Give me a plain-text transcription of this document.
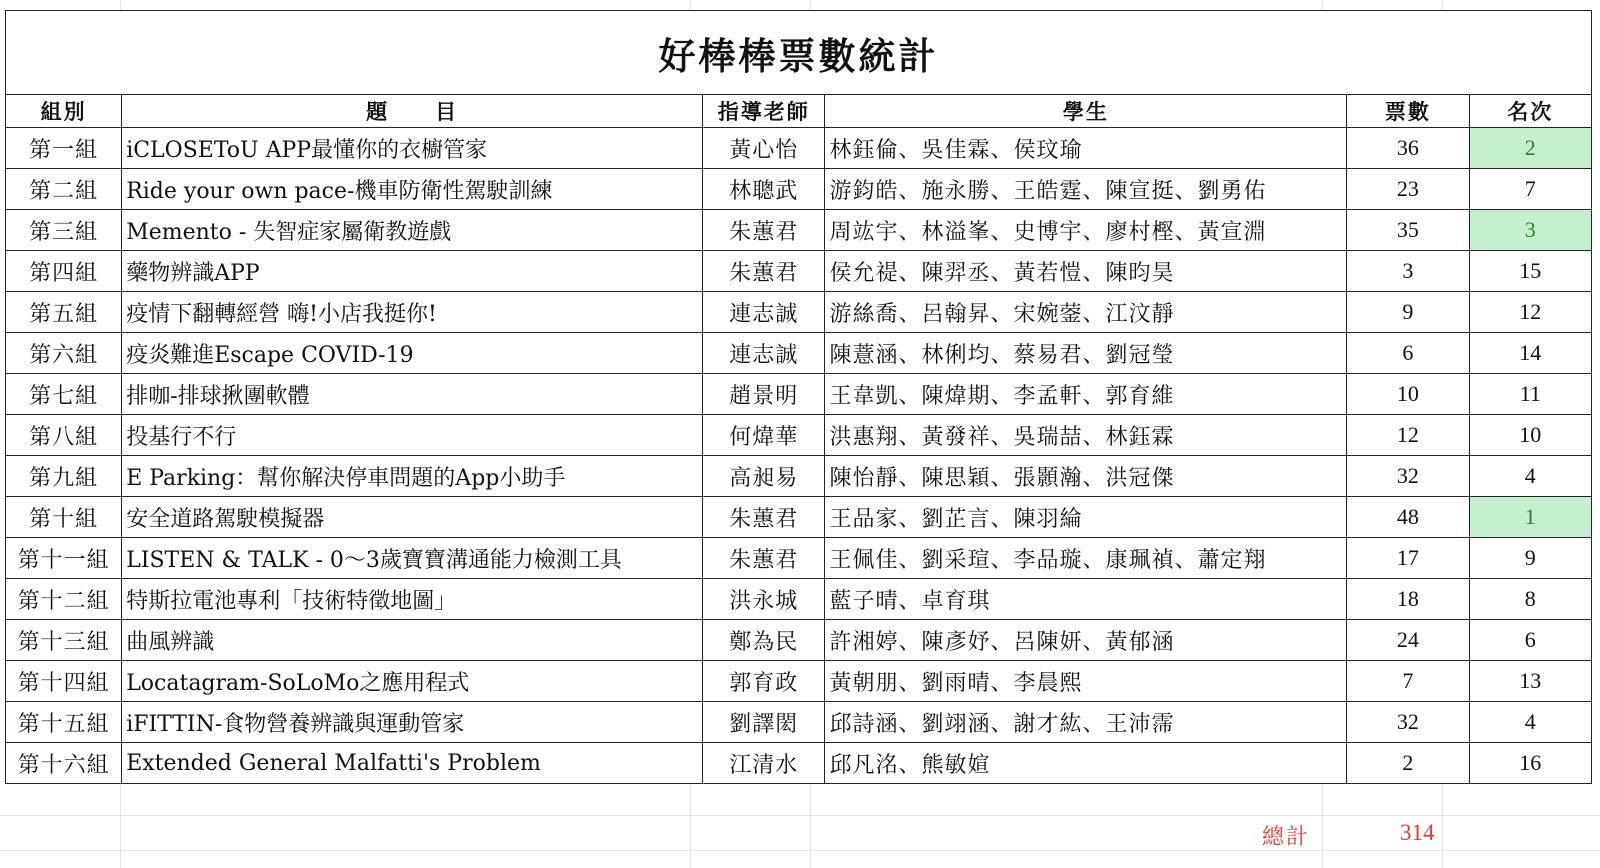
好棒棒票數統計					
組別	題　　目	指導老師	學生	票數	名次
第一組	iCLOSEToU APP最懂你的衣櫥管家	黃心怡	林鈺倫、吳佳霖、侯玟瑜	36	2
第二組	Ride your own pace-機車防衛性駕駛訓練	林聰武	游鈞皓、施永勝、王皓霆、陳宣挺、劉勇佑	23	7
第三組	Memento - 失智症家屬衛教遊戲	朱蕙君	周竑宇、林溢峯、史博宇、廖村樫、黃宣淵	35	3
第四組	藥物辨識APP	朱蕙君	侯允禔、陳羿丞、黃若愷、陳昀昊	3	15
第五組	疫情下翻轉經營 嗨!小店我挺你!	連志誠	游絲喬、呂翰昇、宋婉蓥、江汶靜	9	12
第六組	疫炎難進Escape COVID-19	連志誠	陳薏涵、林俐均、蔡易君、劉冠瑩	6	14
第七組	排咖-排球揪團軟體	趙景明	王韋凱、陳煒期、李孟軒、郭育維	10	11
第八組	投基行不行	何煒華	洪惠翔、黃發祥、吳瑞喆、林鈺霖	12	10
第九組	E Parking：幫你解決停車問題的App小助手	高昶易	陳怡靜、陳思穎、張顥瀚、洪冠傑	32	4
第十組	安全道路駕駛模擬器	朱蕙君	王品家、劉芷言、陳羽綸	48	1
第十一組	LISTEN & TALK - 0～3歲寶寶溝通能力檢測工具	朱蕙君	王佩佳、劉采瑄、李品璇、康珮禎、蕭定翔	17	9
第十二組	特斯拉電池專利「技術特徵地圖」	洪永城	藍子晴、卓育琪	18	8
第十三組	曲風辨識	鄭為民	許湘婷、陳彥妤、呂陳妍、黃郁涵	24	6
第十四組	Locatagram-SoLoMo之應用程式	郭育政	黃朝朋、劉雨晴、李晨熙	7	13
第十五組	iFITTIN-食物營養辨識與運動管家	劉譯閎	邱詩涵、劉翊涵、謝才紘、王沛霈	32	4
第十六組	Extended General Malfatti's Problem	江清水	邱凡洺、熊敏媗	2	16
總計	314
